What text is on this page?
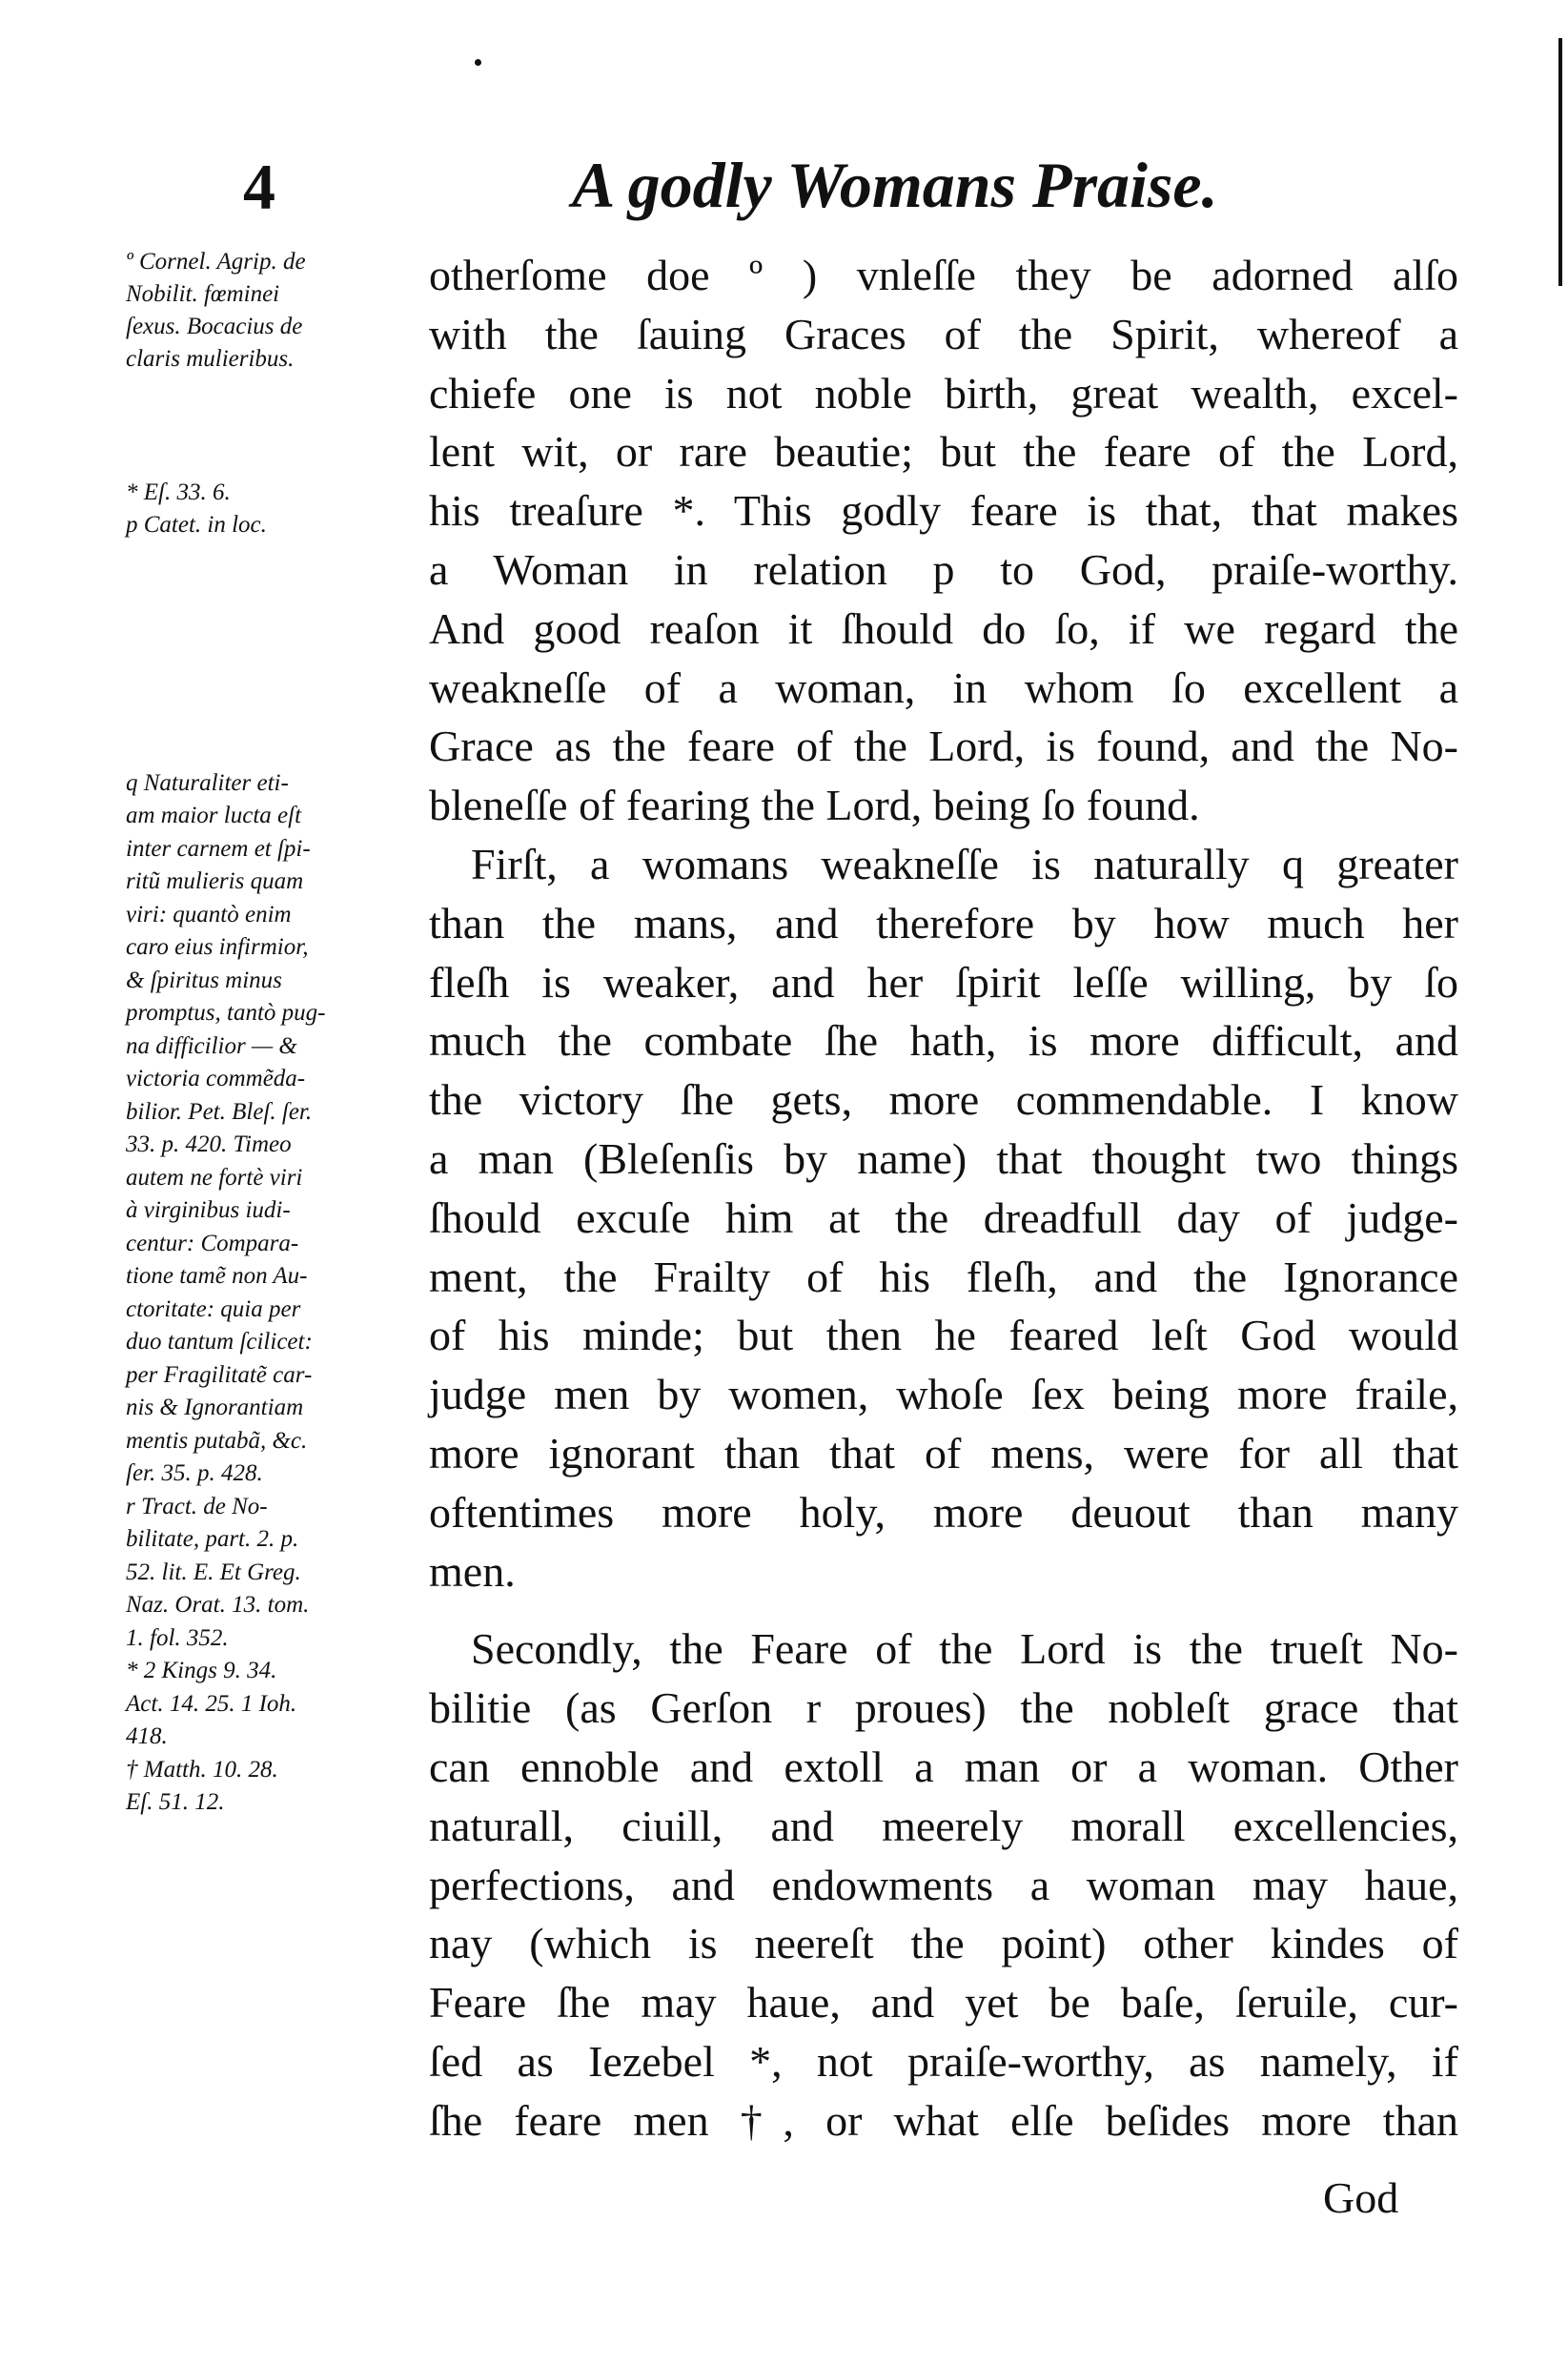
4	A godly Womans Praise.
º Cornel. Agrip. de
Nobilit. fœminei
ſexus. Bocacius de
claris mulieribus.
* Eſ. 33. 6.
p Catet. in loc.
q Naturaliter eti-
am maior lucta eſt
inter carnem et ſpi-
ritũ mulieris quam
viri: quantò enim
caro eius infirmior,
& ſpiritus minus
promptus, tantò pug-
na difficilior — &
victoria commẽda-
bilior. Pet. Bleſ. ſer.
33. p. 420. Timeo
autem ne fortè viri
à virginibus iudi-
centur: Compara-
tione tamẽ non Au-
ctoritate: quia per
duo tantum ſcilicet:
per Fragilitatẽ car-
nis & Ignorantiam
mentis putabã, &c.
ſer. 35. p. 428.
r Tract. de No-
bilitate, part. 2. p.
52. lit. E. Et Greg.
Naz. Orat. 13. tom.
1. fol. 352.
* 2 Kings 9. 34.
Act. 14. 25. 1 Ioh.
418.
† Matth. 10. 28.
Eſ. 51. 12.
otherſome doe º ) vnleſſe they be adorned alſo
with the ſauing Graces of the Spirit, whereof a
chiefe one is not noble birth, great wealth, excel-
lent wit, or rare beautie; but the feare of the Lord,
his treaſure *. This godly feare is that, that makes
a Woman in relation p to God, praiſe-worthy.
And good reaſon it ſhould do ſo, if we regard the
weakneſſe of a woman, in whom ſo excellent a
Grace as the feare of the Lord, is found, and the No-
bleneſſe of fearing the Lord, being ſo found.
Firſt, a womans weakneſſe is naturally q greater
than the mans, and therefore by how much her
fleſh is weaker, and her ſpirit leſſe willing, by ſo
much the combate ſhe hath, is more difficult, and
the victory ſhe gets, more commendable. I know
a man (Bleſenſis by name) that thought two things
ſhould excuſe him at the dreadfull day of judge-
ment, the Frailty of his fleſh, and the Ignorance
of his minde; but then he feared leſt God would
judge men by women, whoſe ſex being more fraile,
more ignorant than that of mens, were for all that
oftentimes more holy, more deuout than many
men.
Secondly, the Feare of the Lord is the trueſt No-
bilitie (as Gerſon r proues) the nobleſt grace that
can ennoble and extoll a man or a woman. Other
naturall, ciuill, and meerely morall excellencies,
perfections, and endowments a woman may haue,
nay (which is neereſt the point) other kindes of
Feare ſhe may haue, and yet be baſe, ſeruile, cur-
ſed as Iezebel *, not praiſe-worthy, as namely, if
ſhe feare men †, or what elſe beſides more than
God
